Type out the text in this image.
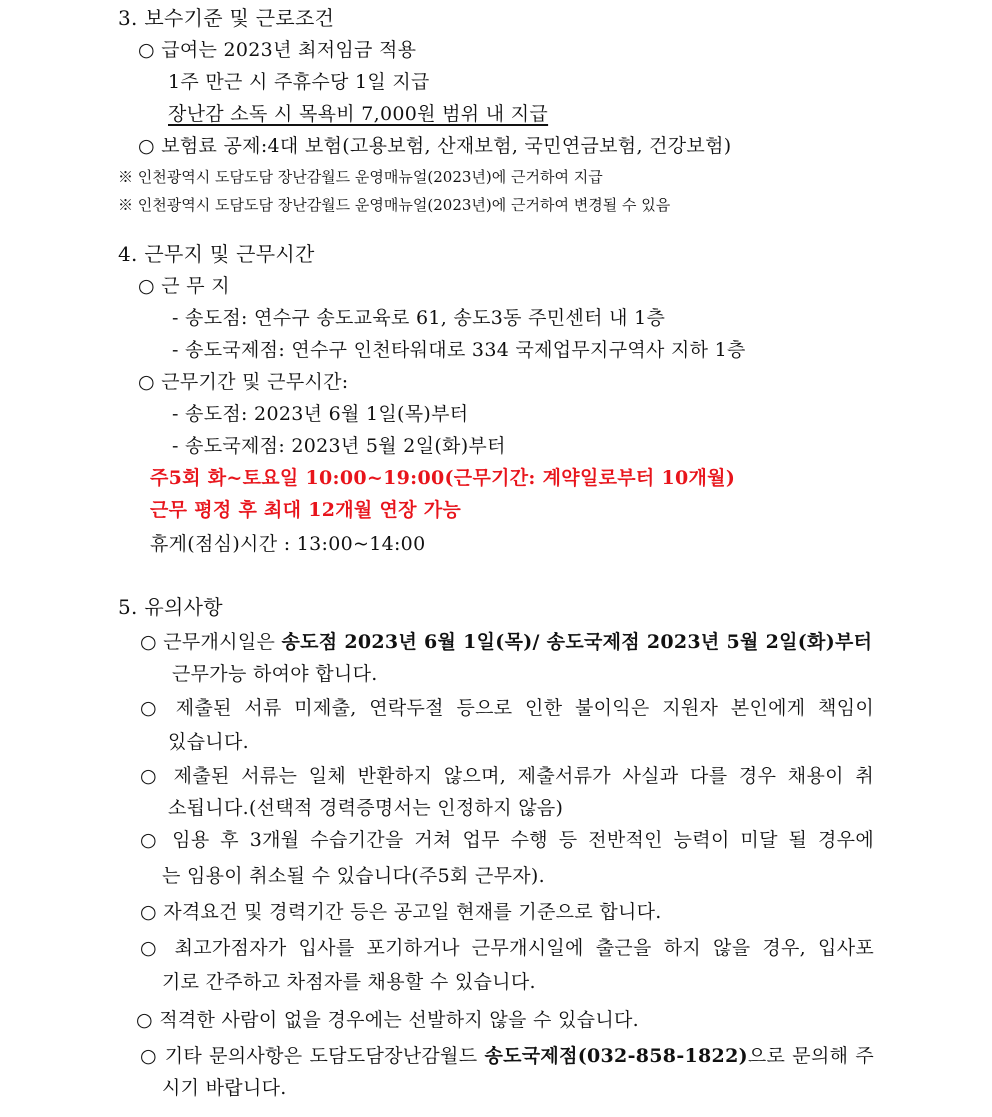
3. 보수기준 및 근로조건
○ 급여는 2023년 최저임금 적용
1주 만근 시 주휴수당 1일 지급
장난감 소독 시 목욕비 7,000원 범위 내 지급
○ 보험료 공제:4대 보험(고용보험, 산재보험, 국민연금보험, 건강보험)
※ 인천광역시 도담도담 장난감월드 운영매뉴얼(2023년)에 근거하여 지급
※ 인천광역시 도담도담 장난감월드 운영매뉴얼(2023년)에 근거하여 변경될 수 있음
4. 근무지 및 근무시간
○ 근 무 지
- 송도점: 연수구 송도교육로 61, 송도3동 주민센터 내 1층
- 송도국제점: 연수구 인천타워대로 334 국제업무지구역사 지하 1층
○ 근무기간 및 근무시간:
- 송도점: 2023년 6월 1일(목)부터
- 송도국제점: 2023년 5월 2일(화)부터
주5회 화~토요일 10:00~19:00(근무기간: 계약일로부터 10개월)
근무 평정 후 최대 12개월 연장 가능
휴게(점심)시간 : 13:00~14:00
5. 유의사항
○ 근무개시일은 송도점 2023년 6월 1일(목)/ 송도국제점 2023년 5월 2일(화)부터
근무가능 하여야 합니다.
○ 제출된 서류 미제출, 연락두절 등으로 인한 불이익은 지원자 본인에게 책임이
있습니다.
○ 제출된 서류는 일체 반환하지 않으며, 제출서류가 사실과 다를 경우 채용이 취
소됩니다.(선택적 경력증명서는 인정하지 않음)
○ 임용 후 3개월 수습기간을 거쳐 업무 수행 등 전반적인 능력이 미달 될 경우에
는 임용이 취소될 수 있습니다(주5회 근무자).
○ 자격요건 및 경력기간 등은 공고일 현재를 기준으로 합니다.
○ 최고가점자가 입사를 포기하거나 근무개시일에 출근을 하지 않을 경우, 입사포
기로 간주하고 차점자를 채용할 수 있습니다.
○ 적격한 사람이 없을 경우에는 선발하지 않을 수 있습니다.
○ 기타 문의사항은 도담도담장난감월드 송도국제점(032-858-1822)으로 문의해 주
시기 바랍니다.
